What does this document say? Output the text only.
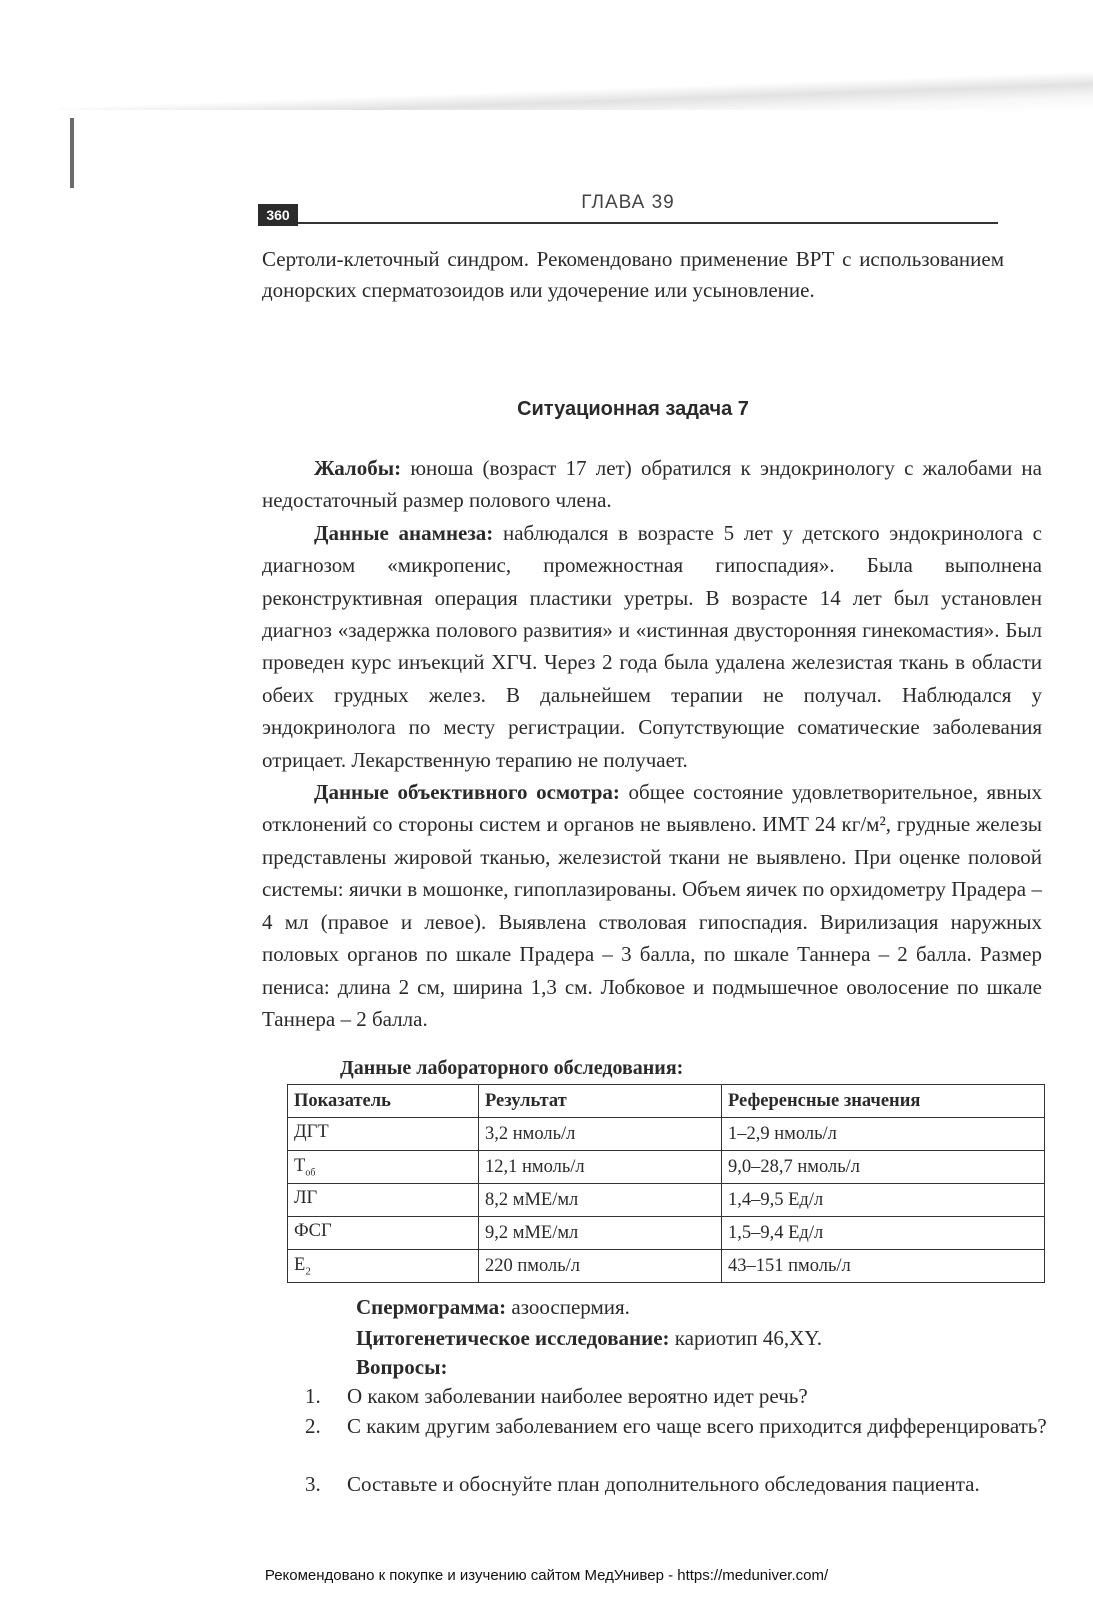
ГЛАВА 39
360
Сертоли-клеточный синдром. Рекомендовано применение ВРТ с использованием донорских сперматозоидов или удочерение или усыновление.
Ситуационная задача 7

Жалобы: юноша (возраст 17 лет) обратился к эндокринологу с жалобами на недостаточный размер полового члена.

Данные анамнеза: наблюдался в возрасте 5 лет у детского эндокринолога с диагнозом «микропенис, промежностная гипоспадия». Была выполнена реконструктивная операция пластики уретры. В возрасте 14 лет был установлен диагноз «задержка полового развития» и «истинная двусторонняя гинекомастия». Был проведен курс инъекций ХГЧ. Через 2 года была удалена железистая ткань в области обеих грудных желез. В дальнейшем терапии не получал. Наблюдался у эндокринолога по месту регистрации. Сопутствующие соматические заболевания отрицает. Лекарственную терапию не получает.

Данные объективного осмотра: общее состояние удовлетворительное, явных отклонений со стороны систем и органов не выявлено. ИМТ 24 кг/м², грудные железы представлены жировой тканью, железистой ткани не выявлено. При оценке половой системы: яички в мошонке, гипоплазированы. Объем яичек по орхидометру Прадера – 4 мл (правое и левое). Выявлена стволовая гипоспадия. Вирилизация наружных половых органов по шкале Прадера – 3 балла, по шкале Таннера – 2 балла. Размер пениса: длина 2 см, ширина 1,3 см. Лобковое и подмышечное оволосение по шкале Таннера – 2 балла.

Данные лабораторного обследования:
Показатель	Результат	Референсные значения
ДГТ	3,2 нмоль/л	1–2,9 нмоль/л
$Т_{об}$	12,1 нмоль/л	9,0–28,7 нмоль/л
ЛГ	8,2 мМЕ/мл	1,4–9,5 Ед/л
ФСГ	9,2 мМЕ/мл	1,5–9,4 Ед/л
$Е_2$	220 пмоль/л	43–151 пмоль/л
Спермограмма: азооспермия.
Цитогенетическое исследование: кариотип 46,XY.
Вопросы:
1. О каком заболевании наиболее вероятно идет речь?
2. С каким другим заболеванием его чаще всего приходится дифференцировать?
3. Составьте и обоснуйте план дополнительного обследования пациента.
Рекомендовано к покупке и изучению сайтом МедУнивер - https://meduniver.com/
